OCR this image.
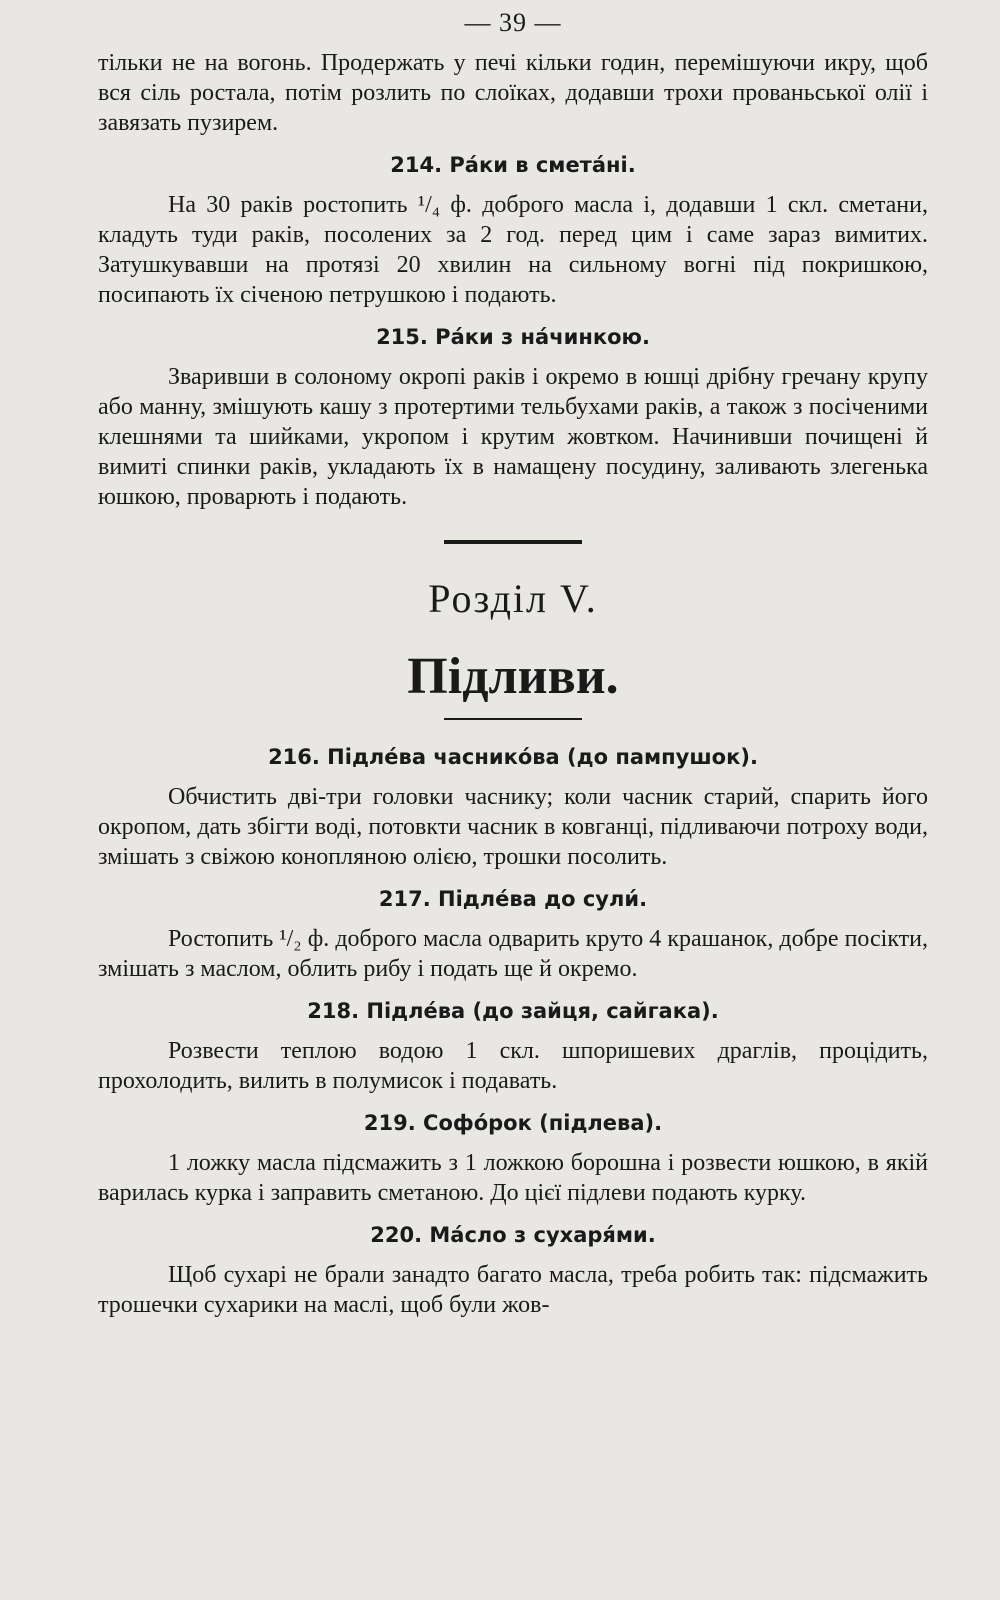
— 39 —

тільки не на вогонь. Продержать у печі кільки годин, перемішуючи икру, щоб вся сіль ростала, потім розлить по слоїках, додавши трохи прованьської олії і завязать пузирем.

214. Ра́ки в смета́ні.

На 30 раків ростопить ¹/₄ ф. доброго масла і, додавши 1 скл. сметани, кладуть туди раків, посолених за 2 год. перед цим і саме зараз вимитих. Затушкувавши на протязі 20 хвилин на сильному вогні під покришкою, посипають їх січеною петрушкою і подають.

215. Ра́ки з на́чинкою.

Зваривши в солоному окропі раків і окремо в юшці дрібну гречану крупу або манну, змішують кашу з протертими тельбухами раків, а також з посіченими клешнями та шийками, укропом і крутим жовтком. Начинивши почищені й вимиті спинки раків, укладають їх в намащену посудину, заливають злегенька юшкою, проварють і подають.

Розділ V.
Підливи.
216. Підле́ва часнико́ва (до пампушок).

Обчистить дві-три головки часнику; коли часник старий, спарить його окропом, дать збігти воді, потовкти часник в ковганці, підливаючи потроху води, змішать з свіжою конопляною олією, трошки посолить.

217. Підле́ва до сули́.

Ростопить ¹/₂ ф. доброго масла одварить круто 4 крашанок, добре посікти, змішать з маслом, облить рибу і подать ще й окремо.

218. Підле́ва (до зайця, сайгака).

Розвести теплою водою 1 скл. шпоришевих драглів, процідить, прохолодить, вилить в полумисок і подавать.

219. Софо́рок (підлева).

1 ложку масла підсмажить з 1 ложкою борошна і розвести юшкою, в якій варилась курка і заправить сметаною. До цієї підлеви подають курку.

220. Ма́сло з сухаря́ми.

Щоб сухарі не брали занадто багато масла, треба робить так: підсмажить трошечки сухарики на маслі, щоб були жов-
